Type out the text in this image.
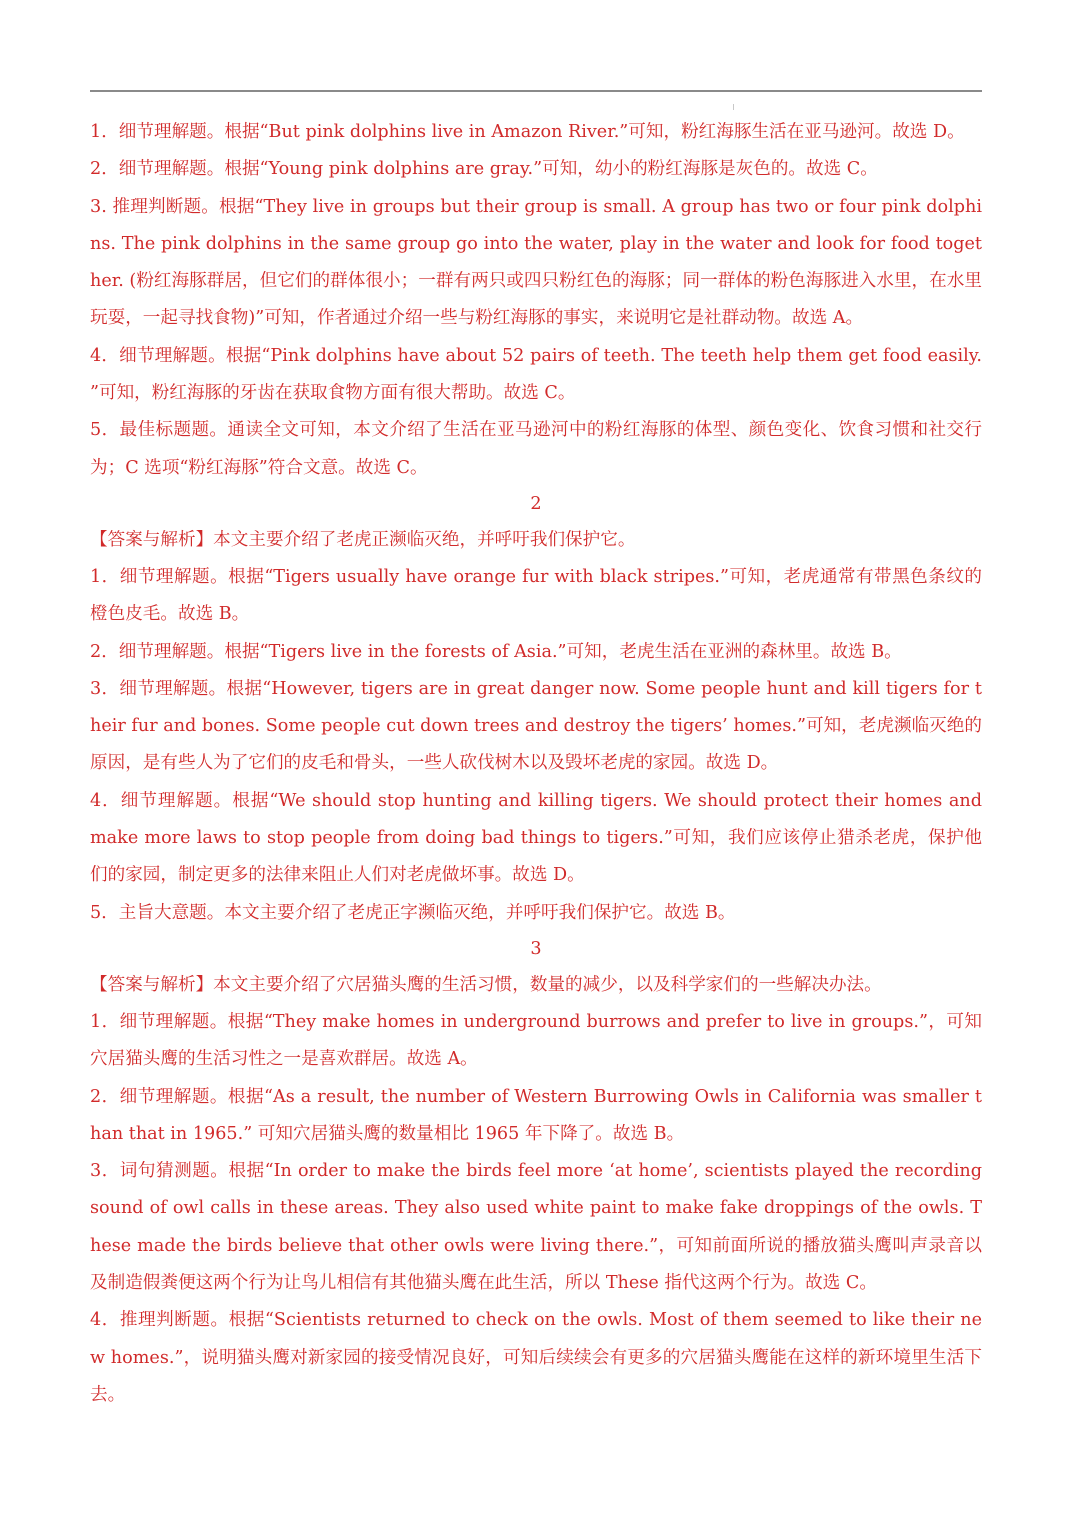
1．细节理解题。根据“But pink dolphins live in Amazon River.”可知，粉红海豚生活在亚马逊河。故选 D。

2．细节理解题。根据“Young pink dolphins are gray.”可知，幼小的粉红海豚是灰色的。故选 C。

3. 推理判断题。根据“They live in groups but their group is small. A group has two or four pink dolphins. The pink dolphins in the same group go into the water, play in the water and look for food together. (粉红海豚群居，但它们的群体很小；一群有两只或四只粉红色的海豚；同一群体的粉色海豚进入水里，在水里玩耍，一起寻找食物)”可知，作者通过介绍一些与粉红海豚的事实，来说明它是社群动物。故选 A。

4．细节理解题。根据“Pink dolphins have about 52 pairs of teeth. The teeth help them get food easily. ”可知，粉红海豚的牙齿在获取食物方面有很大帮助。故选 C。

5．最佳标题题。通读全文可知，本文介绍了生活在亚马逊河中的粉红海豚的体型、颜色变化、饮食习惯和社交行为；C 选项“粉红海豚”符合文意。故选 C。

2

【答案与解析】本文主要介绍了老虎正濒临灭绝，并呼吁我们保护它。

1．细节理解题。根据“Tigers usually have orange fur with black stripes.”可知，老虎通常有带黑色条纹的橙色皮毛。故选 B。

2．细节理解题。根据“Tigers live in the forests of Asia.”可知，老虎生活在亚洲的森林里。故选 B。

3．细节理解题。根据“However, tigers are in great danger now. Some people hunt and kill tigers for their fur and bones. Some people cut down trees and destroy the tigers’ homes.”可知，老虎濒临灭绝的原因，是有些人为了它们的皮毛和骨头，一些人砍伐树木以及毁坏老虎的家园。故选 D。

4．细节理解题。根据“We should stop hunting and killing tigers. We should protect their homes and make more laws to stop people from doing bad things to tigers.”可知，我们应该停止猎杀老虎，保护他们的家园，制定更多的法律来阻止人们对老虎做坏事。故选 D。

5．主旨大意题。本文主要介绍了老虎正字濒临灭绝，并呼吁我们保护它。故选 B。

3

【答案与解析】本文主要介绍了穴居猫头鹰的生活习惯，数量的减少，以及科学家们的一些解决办法。

1．细节理解题。根据“They make homes in underground burrows and prefer to live in groups.”，可知穴居猫头鹰的生活习性之一是喜欢群居。故选 A。

2．细节理解题。根据“As a result, the number of Western Burrowing Owls in California was smaller than that in 1965.” 可知穴居猫头鹰的数量相比 1965 年下降了。故选 B。

3．词句猜测题。根据“In order to make the birds feel more ‘at home’, scientists played the recording sound of owl calls in these areas. They also used white paint to make fake droppings of the owls. These made the birds believe that other owls were living there.”，可知前面所说的播放猫头鹰叫声录音以及制造假粪便这两个行为让鸟儿相信有其他猫头鹰在此生活，所以 These 指代这两个行为。故选 C。

4．推理判断题。根据“Scientists returned to check on the owls. Most of them seemed to like their new homes.”，说明猫头鹰对新家园的接受情况良好，可知后续续会有更多的穴居猫头鹰能在这样的新环境里生活下去。
